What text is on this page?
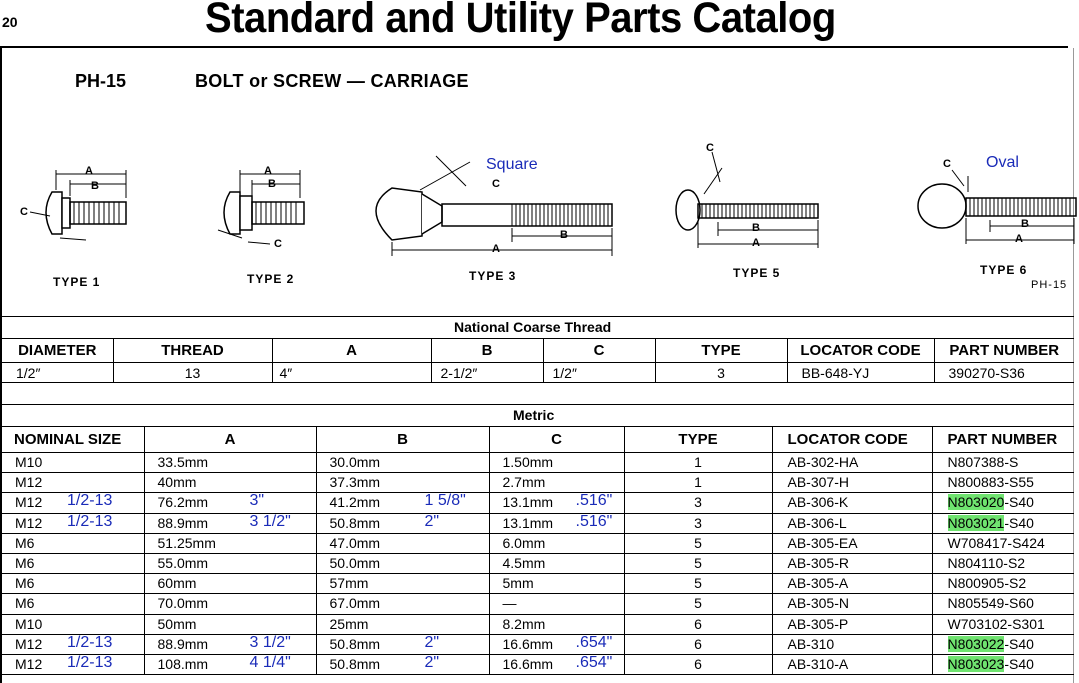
20	Standard and Utility Parts Catalog
PH-15	BOLT or SCREW — CARRIAGE
A
B
C
A
B
C	A
B
C
A
B
C
A
B
C
TYPE 1	TYPE 2	TYPE 3	TYPE 5	TYPE 6
Square	Oval
PH-15
National Coarse Thread
DIAMETER	THREAD	A	B	C	TYPE	LOCATOR CODE	PART NUMBER
1/2″	13	4″	2-1/2″	1/2″	3	BB-648-YJ	390270-S36
Metric
NOMINAL SIZE	A	B	C	TYPE	LOCATOR CODE	PART NUMBER
M10	33.5mm	30.0mm	1.50mm	1	AB-302-HA	N807388-S
M12	40mm	37.3mm	2.7mm	1	AB-307-H	N800883-S55
M12 1/2-13	76.2mm 3"	41.2mm 1 5/8"	13.1mm .516"	3	AB-306-K	N803020-S40
M12 1/2-13	88.9mm 3 1/2"	50.8mm 2"	13.1mm .516"	3	AB-306-L	N803021-S40
M6	51.25mm	47.0mm	6.0mm	5	AB-305-EA	W708417-S424
M6	55.0mm	50.0mm	4.5mm	5	AB-305-R	N804110-S2
M6	60mm	57mm	5mm	5	AB-305-A	N800905-S2
M6	70.0mm	67.0mm	—	5	AB-305-N	N805549-S60
M10	50mm	25mm	8.2mm	6	AB-305-P	W703102-S301
M12 1/2-13	88.9mm 3 1/2"	50.8mm 2"	16.6mm .654"	6	AB-310	N803022-S40
M12 1/2-13	108.mm 4 1/4"	50.8mm 2"	16.6mm .654"	6	AB-310-A	N803023-S40
